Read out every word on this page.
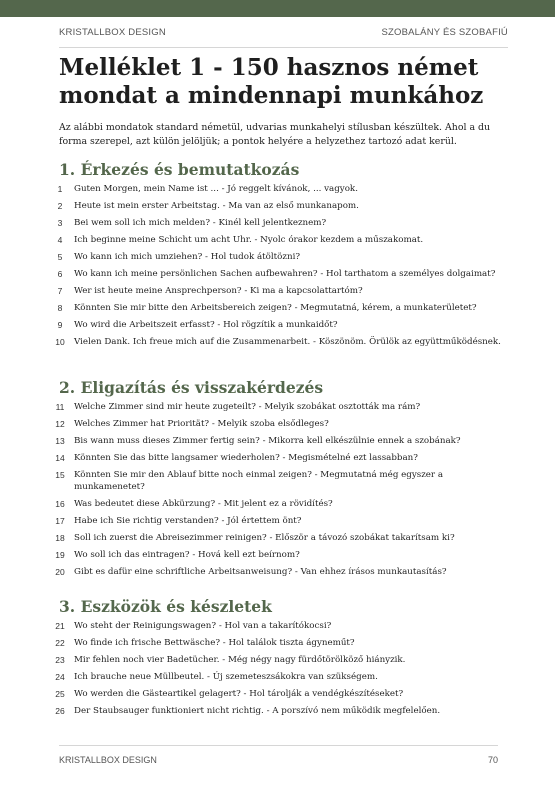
KRISTALLBOX DESIGN	SZOBALÁNY ÉS SZOBAFIÚ
Melléklet 1 - 150 hasznos német mondat a mindennapi munkához

Az alábbi mondatok standard németül, udvarias munkahelyi stílusban készültek. Ahol a du forma szerepel, azt külön jelöljük; a pontok helyére a helyzethez tartozó adat kerül.

1. Érkezés és bemutatkozás
1	Guten Morgen, mein Name ist ... - Jó reggelt kívánok, ... vagyok.
2	Heute ist mein erster Arbeitstag. - Ma van az első munkanapom.
3	Bei wem soll ich mich melden? - Kinél kell jelentkeznem?
4	Ich beginne meine Schicht um acht Uhr. - Nyolc órakor kezdem a műszakomat.
5	Wo kann ich mich umziehen? - Hol tudok átöltözni?
6	Wo kann ich meine persönlichen Sachen aufbewahren? - Hol tarthatom a személyes dolgaimat?
7	Wer ist heute meine Ansprechperson? - Ki ma a kapcsolattartóm?
8	Könnten Sie mir bitte den Arbeitsbereich zeigen? - Megmutatná, kérem, a munkaterületet?
9	Wo wird die Arbeitszeit erfasst? - Hol rögzítik a munkaidőt?
10	Vielen Dank. Ich freue mich auf die Zusammenarbeit. - Köszönöm. Örülök az együttműködésnek.
2. Eligazítás és visszakérdezés
11	Welche Zimmer sind mir heute zugeteilt? - Melyik szobákat osztották ma rám?
12	Welches Zimmer hat Priorität? - Melyik szoba elsődleges?
13	Bis wann muss dieses Zimmer fertig sein? - Mikorra kell elkészülnie ennek a szobának?
14	Könnten Sie das bitte langsamer wiederholen? - Megismételné ezt lassabban?
15	Könnten Sie mir den Ablauf bitte noch einmal zeigen? - Megmutatná még egyszer a munkamenetet?
16	Was bedeutet diese Abkürzung? - Mit jelent ez a rövidítés?
17	Habe ich Sie richtig verstanden? - Jól értettem önt?
18	Soll ich zuerst die Abreisezimmer reinigen? - Először a távozó szobákat takarítsam ki?
19	Wo soll ich das eintragen? - Hová kell ezt beírnom?
20	Gibt es dafür eine schriftliche Arbeitsanweisung? - Van ehhez írásos munkautasítás?
3. Eszközök és készletek
21	Wo steht der Reinigungswagen? - Hol van a takarítókocsi?
22	Wo finde ich frische Bettwäsche? - Hol találok tiszta ágyneműt?
23	Mir fehlen noch vier Badetücher. - Még négy nagy fürdőtörölköző hiányzik.
24	Ich brauche neue Müllbeutel. - Új szemeteszsákokra van szükségem.
25	Wo werden die Gästeartikel gelagert? - Hol tárolják a vendégkészítéseket?
26	Der Staubsauger funktioniert nicht richtig. - A porszívó nem működik megfelelően.
KRISTALLBOX DESIGN	70
